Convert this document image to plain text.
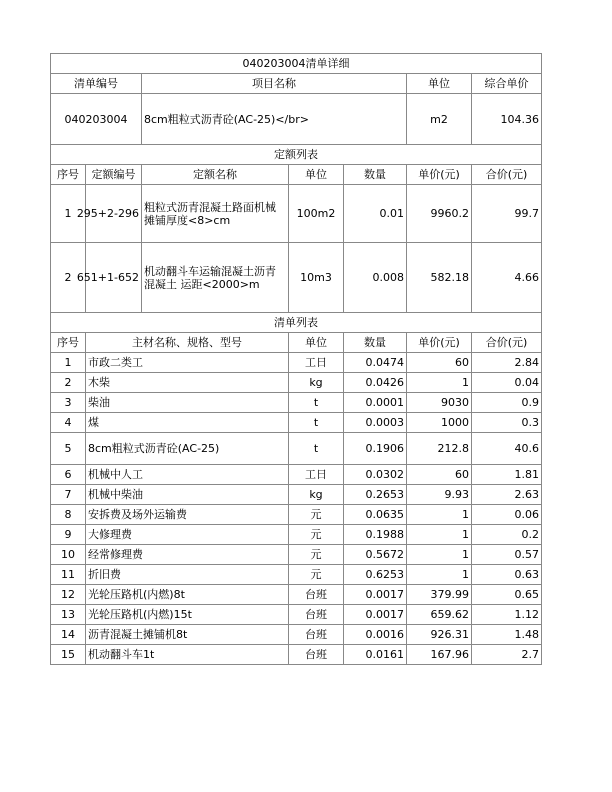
040203004清单详细						
清单编号		项目名称			单位	综合单价
040203004		8cm粗粒式沥青砼(AC-25)</br>			m2	104.36
定额列表						
序号	定额编号	定额名称	单位	数量	单价(元)	合价(元)
1	295+2-296	粗粒式沥青混凝土路面机械摊铺厚度<8>cm	100m2	0.01	9960.2	99.7
2	651+1-652	机动翻斗车运输混凝土沥青混凝土 运距<2000>m	10m3	0.008	582.18	4.66
清单列表						
序号	主材名称、规格、型号		单位	数量	单价(元)	合价(元)
1	市政二类工		工日	0.0474	60	2.84
2	木柴		kg	0.0426	1	0.04
3	柴油		t	0.0001	9030	0.9
4	煤		t	0.0003	1000	0.3
5	8cm粗粒式沥青砼(AC-25)		t	0.1906	212.8	40.6
6	机械中人工		工日	0.0302	60	1.81
7	机械中柴油		kg	0.2653	9.93	2.63
8	安拆费及场外运输费		元	0.0635	1	0.06
9	大修理费		元	0.1988	1	0.2
10	经常修理费		元	0.5672	1	0.57
11	折旧费		元	0.6253	1	0.63
12	光轮压路机(内燃)8t		台班	0.0017	379.99	0.65
13	光轮压路机(内燃)15t		台班	0.0017	659.62	1.12
14	沥青混凝土摊铺机8t		台班	0.0016	926.31	1.48
15	机动翻斗车1t		台班	0.0161	167.96	2.7
